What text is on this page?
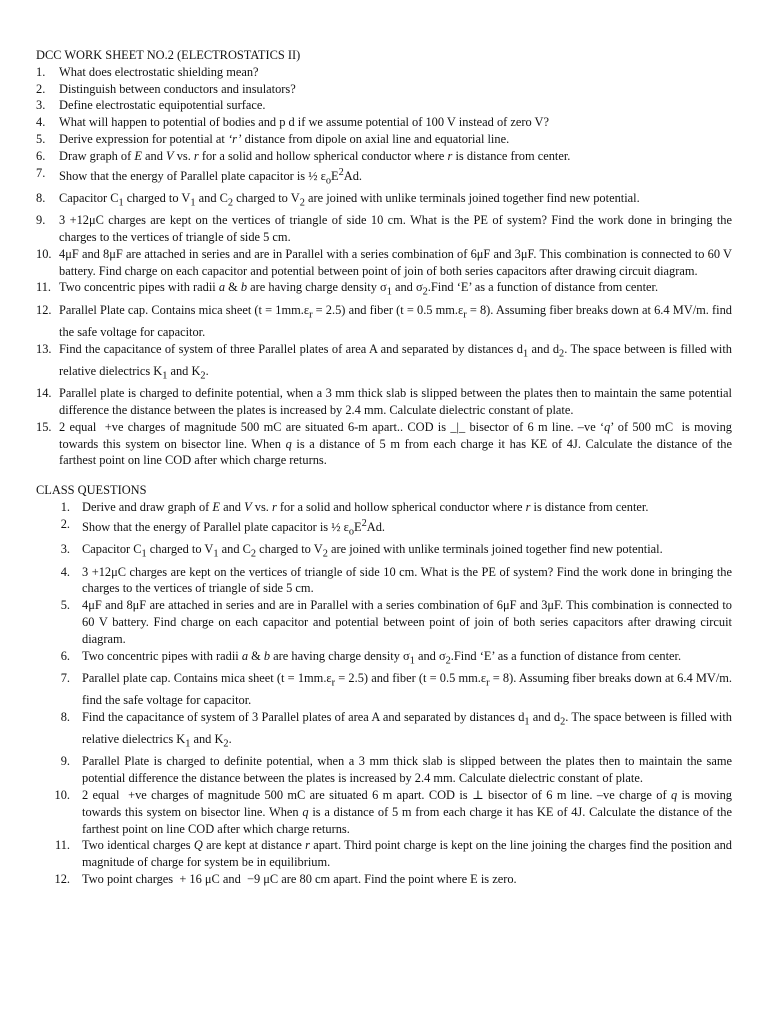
DCC WORK SHEET NO.2 (ELECTROSTATICS II)
1. What does electrostatic shielding mean?
2. Distinguish between conductors and insulators?
3. Define electrostatic equipotential surface.
4. What will happen to potential of bodies and p d if we assume potential of 100 V instead of zero V?
5. Derive expression for potential at ‘r’ distance from dipole on axial line and equatorial line.
6. Draw graph of E and V vs. r for a solid and hollow spherical conductor where r is distance from center.
7. Show that the energy of Parallel plate capacitor is ½ $\varepsilon_oE^2Ad$.
8. Capacitor $C_1$ charged to $V_1$ and $C_2$ charged to $V_2$ are joined with unlike terminals joined together find new potential.
9. 3 +12μC charges are kept on the vertices of triangle of side 10 cm. What is the PE of system? Find the work done in bringing the charges to the vertices of triangle of side 5 cm.
10. 4μF and 8μF are attached in series and are in Parallel with a series combination of 6μF and 3μF. This combination is connected to 60 V battery. Find charge on each capacitor and potential between point of join of both series capacitors after drawing circuit diagram.
11. Two concentric pipes with radii a & b are having charge density $\sigma_1$ and $\sigma_2.Find$ ‘E’ as a function of distance from center.
12. Parallel Plate cap. Contains mica sheet $(t = 1mm.\varepsilon_r = 2.5)$ and fiber (t = 0.5 $mm.\varepsilon_r = 8$). Assuming fiber breaks down at 6.4 MV/m. find the safe voltage for capacitor.
13. Find the capacitance of system of three Parallel plates of area A and separated by distances $d_1$ and $d_2$. The space between is filled with relative dielectrics $K_1$ and $K_2$.
14. Parallel plate is charged to definite potential, when a 3 mm thick slab is slipped between the plates then to maintain the same potential difference the distance between the plates is increased by 2.4 mm. Calculate dielectric constant of plate.
15. 2 equal  +ve charges of magnitude 500 mC are situated 6-m apart.. COD is _|_ bisector of 6 m line. –ve ‘q’ of 500 mC  is moving towards this system on bisector line. When q is a distance of 5 m from each charge it has KE of 4J. Calculate the distance of the farthest point on line COD after which charge returns.
CLASS QUESTIONS
1. Derive and draw graph of E and V vs. r for a solid and hollow spherical conductor where r is distance from center.
2. Show that the energy of Parallel plate capacitor is ½ $\varepsilon_oE^2Ad$.
3. Capacitor $C_1$ charged to $V_1$ and $C_2$ charged to $V_2$ are joined with unlike terminals joined together find new potential.
4. 3 +12μC charges are kept on the vertices of triangle of side 10 cm. What is the PE of system? Find the work done in bringing the charges to the vertices of triangle of side 5 cm.
5. 4μF and 8μF are attached in series and are in Parallel with a series combination of 6μF and 3μF. This combination is connected to 60 V battery. Find charge on each capacitor and potential between point of join of both series capacitors after drawing circuit diagram.
6. Two concentric pipes with radii a & b are having charge density $\sigma_1$ and $\sigma_2.Find$ ‘E’ as a function of distance from center.
7. Parallel plate cap. Contains mica sheet $(t = 1mm.\varepsilon_r = 2.5)$ and fiber (t = 0.5 $mm.\varepsilon_r = 8$). Assuming fiber breaks down at 6.4 MV/m. find the safe voltage for capacitor.
8. Find the capacitance of system of 3 Parallel plates of area A and separated by distances $d_1$ and $d_2$. The space between is filled with relative dielectrics $K_1$ and $K_2$.
9. Parallel Plate is charged to definite potential, when a 3 mm thick slab is slipped between the plates then to maintain the same potential difference the distance between the plates is increased by 2.4 mm. Calculate dielectric constant of plate.
10. 2 equal  +ve charges of magnitude 500 mC are situated 6 m apart. COD is ⊥ bisector of 6 m line. –ve charge of q is moving towards this system on bisector line. When q is a distance of 5 m from each charge it has KE of 4J. Calculate the distance of the farthest point on line COD after which charge returns.
11. Two identical charges Q are kept at distance r apart. Third point charge is kept on the line joining the charges find the position and magnitude of charge for system be in equilibrium.
12. Two point charges  + 16 μC and  −9 μC are 80 cm apart. Find the point where E is zero.
